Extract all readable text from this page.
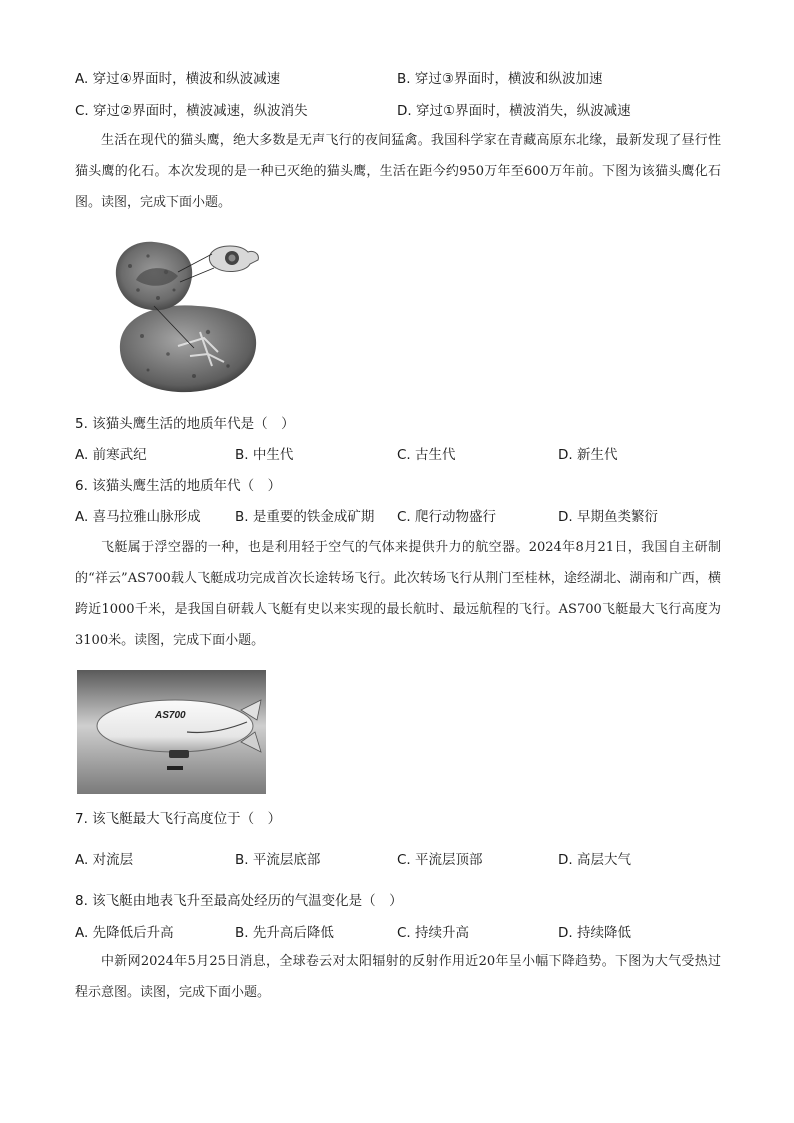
A. 穿过④界面时，横波和纵波减速	B. 穿过③界面时，横波和纵波加速
C. 穿过②界面时，横波减速，纵波消失	D. 穿过①界面时，横波消失，纵波减速
生活在现代的猫头鹰，绝大多数是无声飞行的夜间猛禽。我国科学家在青藏高原东北缘，最新发现了昼行性猫头鹰的化石。本次发现的是一种已灭绝的猫头鹰，生活在距今约950万年至600万年前。下图为该猫头鹰化石图。读图，完成下面小题。
5. 该猫头鹰生活的地质年代是（　）
A. 前寒武纪	B. 中生代	C. 古生代	D. 新生代
6. 该猫头鹰生活的地质年代（　）
A. 喜马拉雅山脉形成	B. 是重要的铁金成矿期 C. 爬行动物盛行	D. 早期鱼类繁衍
飞艇属于浮空器的一种，也是利用轻于空气的气体来提供升力的航空器。2024年8月21日，我国自主研制的“祥云”AS700载人飞艇成功完成首次长途转场飞行。此次转场飞行从荆门至桂林，途经湖北、湖南和广西，横跨近1000千米，是我国自研载人飞艇有史以来实现的最长航时、最远航程的飞行。AS700飞艇最大飞行高度为3100米。读图，完成下面小题。
AS700
7. 该飞艇最大飞行高度位于（　）
A. 对流层	B. 平流层底部	C. 平流层顶部	D. 高层大气
8. 该飞艇由地表飞升至最高处经历的气温变化是（　）
A. 先降低后升高	B. 先升高后降低	C. 持续升高	D. 持续降低
中新网2024年5月25日消息，全球卷云对太阳辐射的反射作用近20年呈小幅下降趋势。下图为大气受热过程示意图。读图，完成下面小题。
